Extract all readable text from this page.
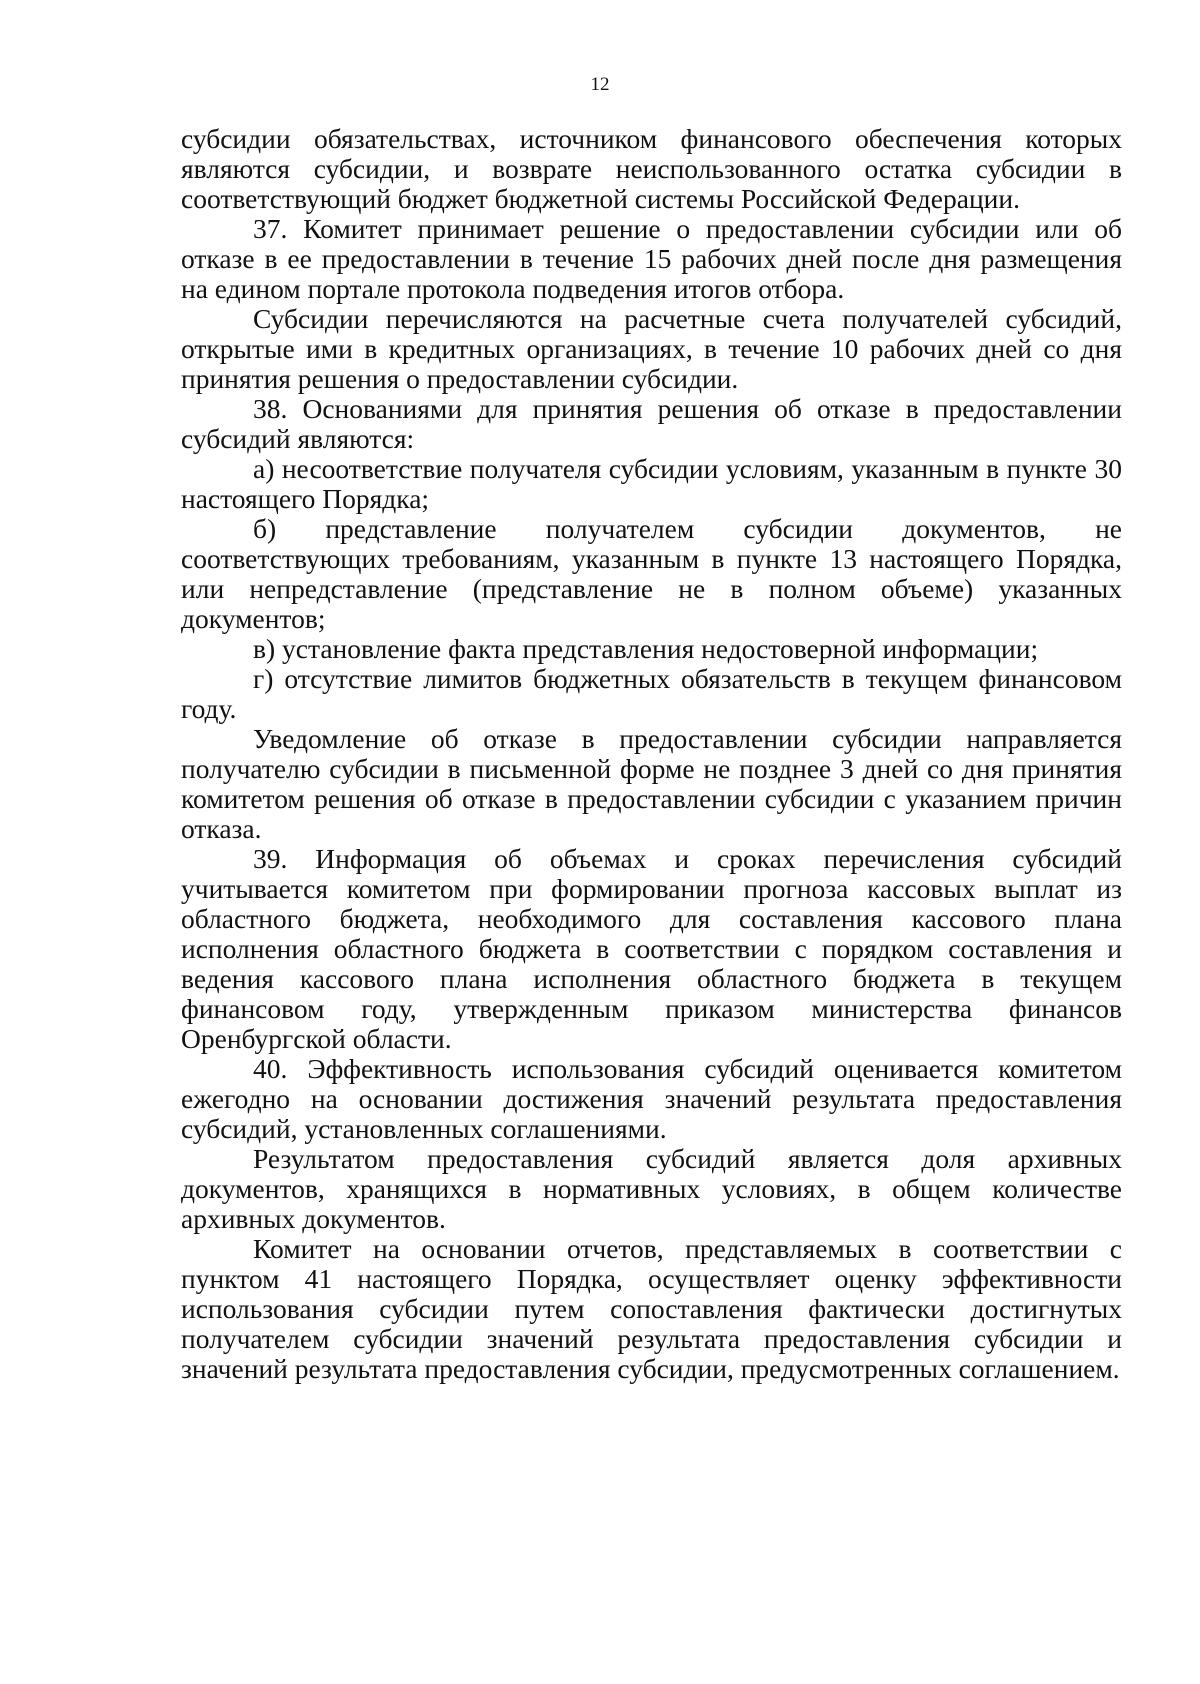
12

субсидии обязательствах, источником финансового обеспечения которых являются субсидии, и возврате неиспользованного остатка субсидии в соответствующий бюджет бюджетной системы Российской Федерации.

37. Комитет принимает решение о предоставлении субсидии или об отказе в ее предоставлении в течение 15 рабочих дней после дня размещения на едином портале протокола подведения итогов отбора.

Субсидии перечисляются на расчетные счета получателей субсидий, открытые ими в кредитных организациях, в течение 10 рабочих дней со дня принятия решения о предоставлении субсидии.

38. Основаниями для принятия решения об отказе в предоставлении субсидий являются:

а) несоответствие получателя субсидии условиям, указанным в пункте 30 настоящего Порядка;

б) представление получателем субсидии документов, не соответствующих требованиям, указанным в пункте 13 настоящего Порядка, или непредставление (представление не в полном объеме) указанных документов;

в) установление факта представления недостоверной информации;

г) отсутствие лимитов бюджетных обязательств в текущем финансовом году.

Уведомление об отказе в предоставлении субсидии направляется получателю субсидии в письменной форме не позднее 3 дней со дня принятия комитетом решения об отказе в предоставлении субсидии с указанием причин отказа.

39. Информация об объемах и сроках перечисления субсидий учитывается комитетом при формировании прогноза кассовых выплат из областного бюджета, необходимого для составления кассового плана исполнения областного бюджета в соответствии с порядком составления и ведения кассового плана исполнения областного бюджета в текущем финансовом году, утвержденным приказом министерства финансов Оренбургской области.

40. Эффективность использования субсидий оценивается комитетом ежегодно на основании достижения значений результата предоставления субсидий, установленных соглашениями.

Результатом предоставления субсидий является доля архивных документов, хранящихся в нормативных условиях, в общем количестве архивных документов.

Комитет на основании отчетов, представляемых в соответствии с пунктом 41 настоящего Порядка, осуществляет оценку эффективности использования субсидии путем сопоставления фактически достигнутых получателем субсидии значений результата предоставления субсидии и значений результата предоставления субсидии, предусмотренных соглашением.
